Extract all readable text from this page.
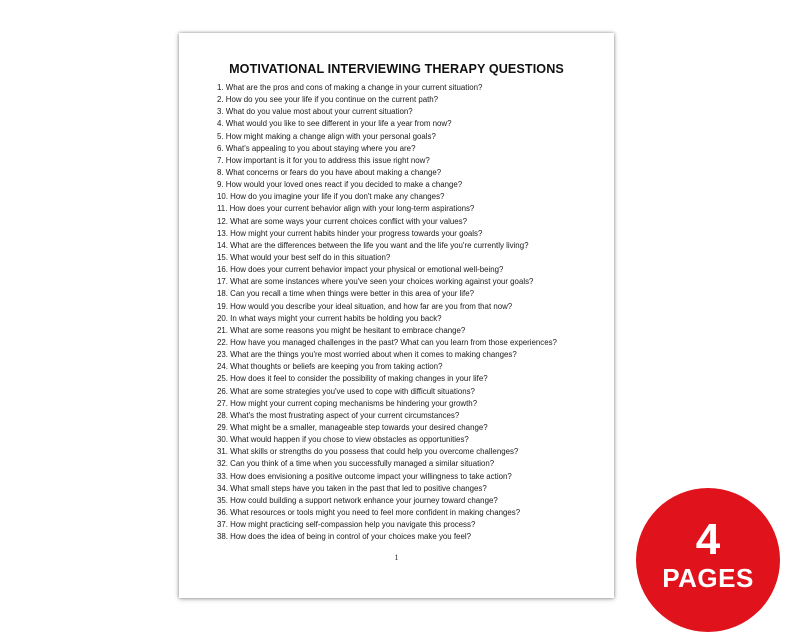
MOTIVATIONAL INTERVIEWING THERAPY QUESTIONS
1. What are the pros and cons of making a change in your current situation?
2. How do you see your life if you continue on the current path?
3. What do you value most about your current situation?
4. What would you like to see different in your life a year from now?
5. How might making a change align with your personal goals?
6. What's appealing to you about staying where you are?
7. How important is it for you to address this issue right now?
8. What concerns or fears do you have about making a change?
9. How would your loved ones react if you decided to make a change?
10. How do you imagine your life if you don't make any changes?
11. How does your current behavior align with your long-term aspirations?
12. What are some ways your current choices conflict with your values?
13. How might your current habits hinder your progress towards your goals?
14. What are the differences between the life you want and the life you're currently living?
15. What would your best self do in this situation?
16. How does your current behavior impact your physical or emotional well-being?
17. What are some instances where you've seen your choices working against your goals?
18. Can you recall a time when things were better in this area of your life?
19. How would you describe your ideal situation, and how far are you from that now?
20. In what ways might your current habits be holding you back?
21. What are some reasons you might be hesitant to embrace change?
22. How have you managed challenges in the past? What can you learn from those experiences?
23. What are the things you're most worried about when it comes to making changes?
24. What thoughts or beliefs are keeping you from taking action?
25. How does it feel to consider the possibility of making changes in your life?
26. What are some strategies you've used to cope with difficult situations?
27. How might your current coping mechanisms be hindering your growth?
28. What's the most frustrating aspect of your current circumstances?
29. What might be a smaller, manageable step towards your desired change?
30. What would happen if you chose to view obstacles as opportunities?
31. What skills or strengths do you possess that could help you overcome challenges?
32. Can you think of a time when you successfully managed a similar situation?
33. How does envisioning a positive outcome impact your willingness to take action?
34. What small steps have you taken in the past that led to positive changes?
35. How could building a support network enhance your journey toward change?
36. What resources or tools might you need to feel more confident in making changes?
37. How might practicing self-compassion help you navigate this process?
38. How does the idea of being in control of your choices make you feel?
1	4
PAGES
